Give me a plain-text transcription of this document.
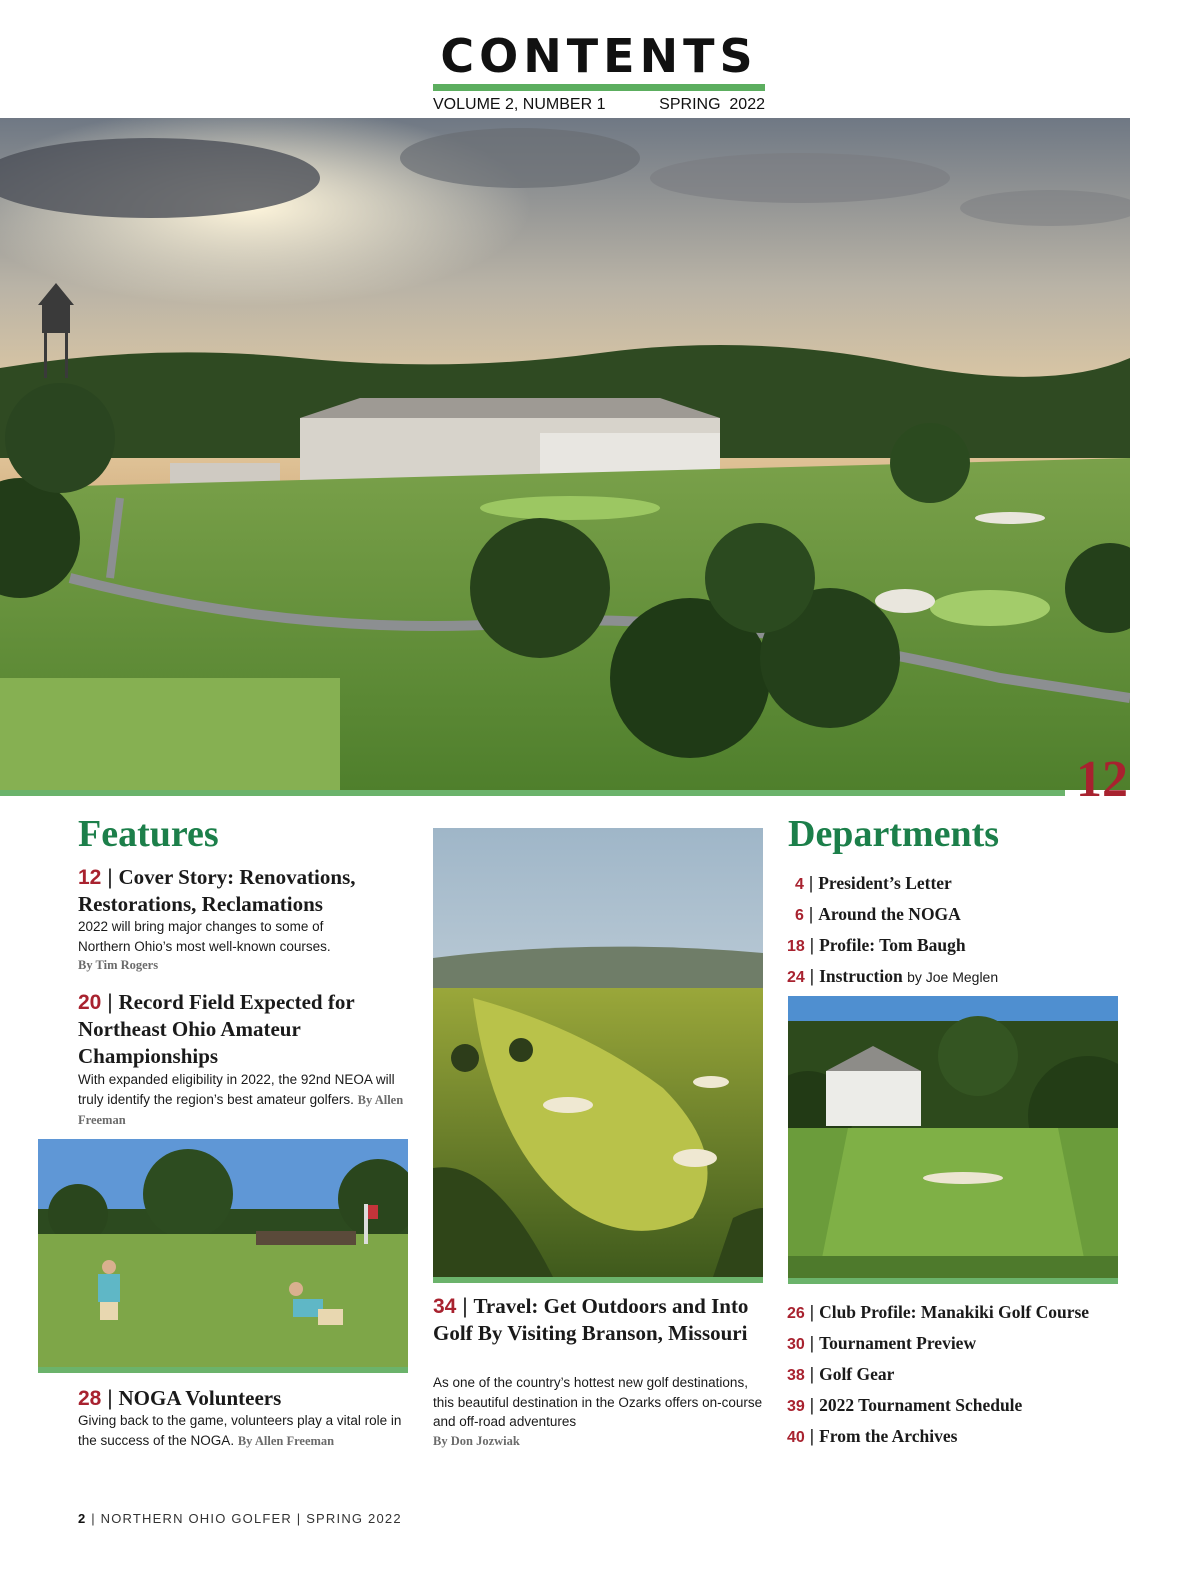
CONTENTS
VOLUME 2, NUMBER 1	SPRING  2022
12
Features
12 | Cover Story: Renovations, Restorations, Reclamations
2022 will bring major changes to some of Northern Ohio’s most well-known courses.
By Tim Rogers
20 | Record Field Expected for Northeast Ohio Amateur Championships
With expanded eligibility in 2022, the 92nd NEOA will truly identify the region’s best amateur golfers. By Allen Freeman
28 | NOGA Volunteers
Giving back to the game, volunteers play a vital role in the success of the NOGA. By Allen Freeman
34 | Travel: Get Outdoors and Into Golf By Visiting Branson, Missouri
As one of the country’s hottest new golf destinations, this beautiful destination in the Ozarks offers on-course and off-road adventures
By Don Jozwiak
Departments
4 | President’s Letter
6 | Around the NOGA
18 | Profile: Tom Baugh
24 | Instruction by Joe Meglen
26 | Club Profile: Manakiki Golf Course
30 | Tournament Preview
38 | Golf Gear
39 | 2022 Tournament Schedule
40 | From the Archives
2 | NORTHERN OHIO GOLFER | SPRING 2022
